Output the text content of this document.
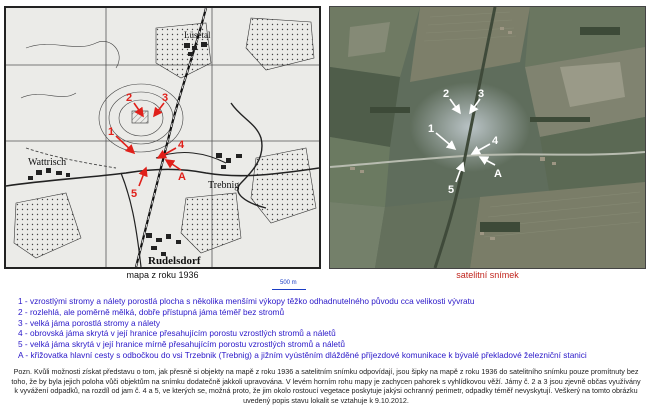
Lüsetal
Wattrisch
Trebnig
Rudelsdorf
1
2	3
4
5
A
mapa z roku 1936
1
2	3
4
5
A
satelitní snímek
500 m
1 - vzrostlými stromy a nálety porostlá plocha s několika menšími výkopy těžko odhadnutelného původu cca velikosti vývratu
2 - rozlehlá, ale poměrně mělká, dobře přístupná jáma téměř bez stromů
3 - velká jáma porostlá stromy a nálety
4 - obrovská jáma skrytá v její hranice přesahujícím porostu vzrostlých stromů a náletů
5 - velká jáma skrytá v její hranice mírně přesahujícím porostu vzrostlých stromů a náletů
A - křižovatka hlavní cesty s odbočkou do vsi Trzebnik (Trebnig) a jižním vyústěním dlážděné příjezdové komunikace k bývalé překladové železniční stanici

Pozn. Kvůli možnosti získat představu o tom, jak přesně si objekty na mapě z roku 1936 a satelitním snímku odpovídají, jsou šipky na mapě z roku 1936 do satelitního snímku pouze promítnuty bez toho, že by byla jejich poloha vůči objektům na snímku dodatečně jakkoli upravována. V levém horním rohu mapy je zachycen pahorek s vyhlídkovou věží. Jámy č. 2 a 3 jsou zjevně občas využívány k vyvážení odpadků, na rozdíl od jam č. 4 a 5, ve kterých se, možná proto, že jim okolo rostoucí vegetace poskytuje jakýsi ochranný perimetr, odpadky téměř nevyskytují. Veškerý na tomto obrázku uvedený popis stavu lokalit se vztahuje k 9.10.2012.
